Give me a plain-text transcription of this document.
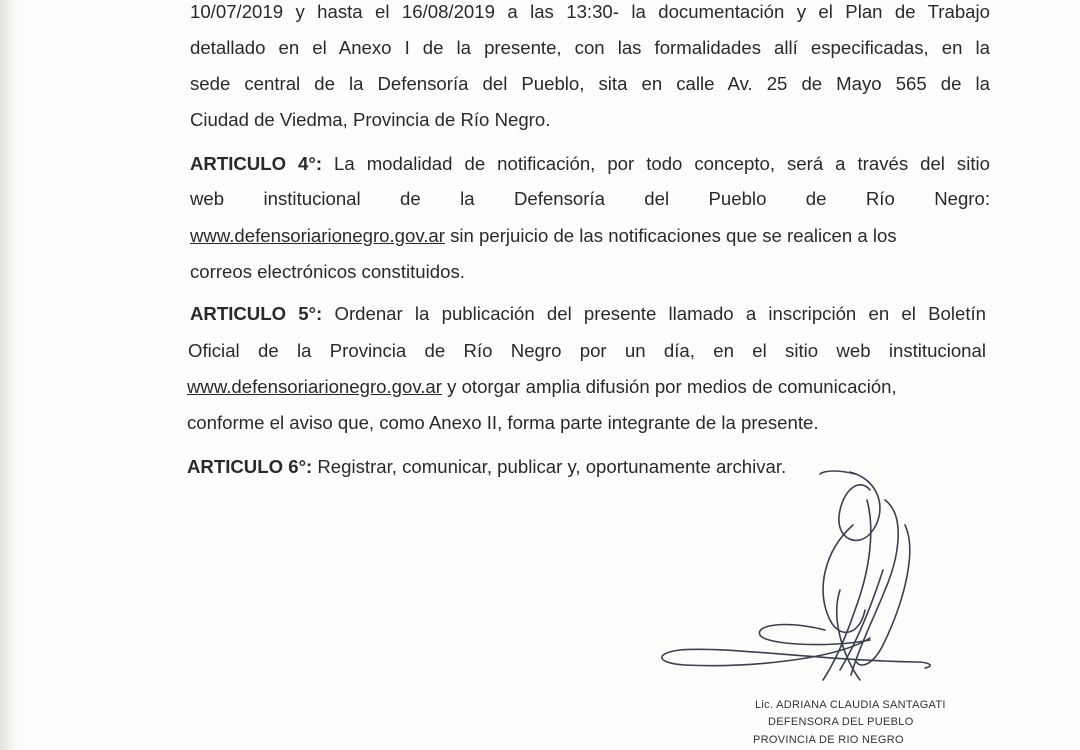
10/07/2019 y hasta el 16/08/2019 a las 13:30- la documentación y el Plan de Trabajo
detallado en el Anexo I de la presente, con las formalidades allí especificadas, en la
sede central de la Defensoría del Pueblo, sita en calle Av. 25 de Mayo 565 de la
Ciudad de Viedma, Provincia de Río Negro.
ARTICULO 4°: La modalidad de notificación, por todo concepto, será a través del sitio
web institucional de la Defensoría del Pueblo de Río Negro:
www.defensoriarionegro.gov.ar sin perjuicio de las notificaciones que se realicen a los
correos electrónicos constituidos.
ARTICULO 5°: Ordenar la publicación del presente llamado a inscripción en el Boletín
Oficial de la Provincia de Río Negro por un día, en el sitio web institucional
www.defensoriarionegro.gov.ar y otorgar amplia difusión por medios de comunicación,
conforme el aviso que, como Anexo II, forma parte integrante de la presente.
ARTICULO 6°: Registrar, comunicar, publicar y, oportunamente archivar.
Lic. ADRIANA CLAUDIA SANTAGATI
DEFENSORA DEL PUEBLO
PROVINCIA DE RIO NEGRO
